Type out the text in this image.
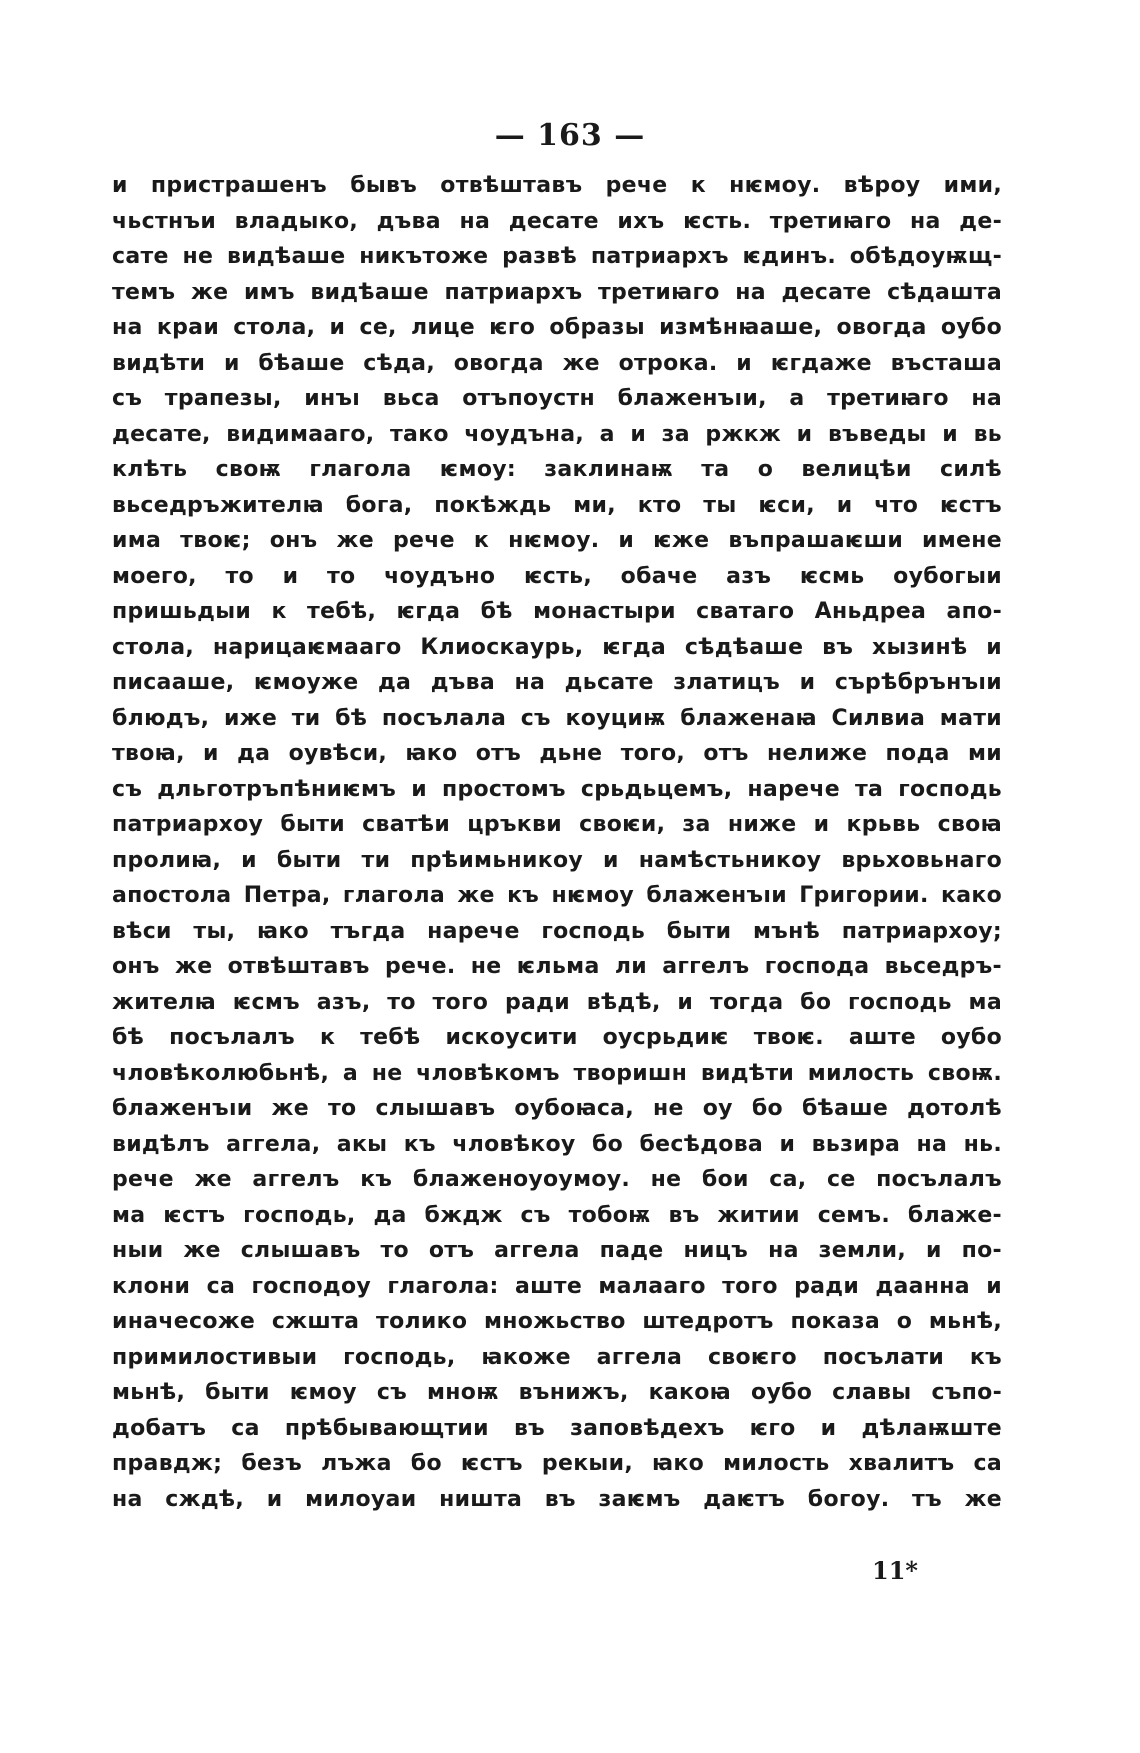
— 163 —
и пристрашенъ бывъ отвѣштавъ рече к нѥмоу. вѣроу ими,
чьстнъи владыко, дъва на десате ихъ ѥсть. третиꙗго на де-
сате не видѣаше никътоже развѣ патриархъ ѥдинъ. обѣдоуѭщ-
темъ же имъ видѣаше патриархъ третиꙗго на десате сѣдашта
на краи стола, и се, лице ѥго образы измѣнꙗаше, овогда оубо
видѣти и бѣаше сѣда, овогда же отрока. и ѥгдаже въсташа
съ трапезы, инъı вьса отъпоустн блаженъıи, а третиꙗго на
десате, видимааго, тако чоудъна, а и за ржкж и въведы и вь
клѣть своѭ глагола ѥмоу: заклинаѭ та о велицѣи силѣ
вьседръжителꙗ бога, покѣждь ми, кто ты ѥси, и что ѥстъ
има твоѥ; онъ же рече к нѥмоу. и ѥже въпрашаѥши имене
моего, то и то чоудъно ѥсть, обаче азъ ѥсмь оубогыи
пришьдыи к тебѣ, ѥгда бѣ монастыри сватаго Аньдреа апо-
стола, нарицаѥмааго Клиоскаурь, ѥгда сѣдѣаше въ хызинѣ и
писааше, ѥмоуже да дъва на дьсате златицъ и сърѣбрънъıи
блюдъ, иже ти бѣ посълала съ коуциѭ блаженаꙗ Силвиа мати
твоꙗ, и да оувѣси, ꙗко отъ дьне того, отъ нелиже пода ми
съ дльготръпѣниѥмъ и простомъ срьдьцемъ, нарече та господь
патриархоу быти сватѣи цръкви своѥи, за ниже и крьвь своꙗ
пролиꙗ, и быти ти прѣимьникоу и намѣстьникоу врьховьнаго
апостола Петра, глагола же къ нѥмоу блаженъıи Григории. како
вѣси ты, ꙗко тъгда нарече господь быти мънѣ патриархоу;
онъ же отвѣштавъ рече. не ѥльма ли аггелъ господа вьседръ-
жителꙗ ѥсмъ азъ, то того ради вѣдѣ, и тогда бо господь ма
бѣ посълалъ к тебѣ искоусити оусрьдиѥ твоѥ. аште оубо
чловѣколюбьнѣ, а не чловѣкомъ творишн видѣти милость своѭ.
блаженъıи же то слышавъ оубоꙗса, не оу бо бѣаше дотолѣ
видѣлъ аггела, акы къ чловѣкоу бо бесѣдова и вьзира на нь.
рече же аггелъ къ блаженоуоумоу. не бои са, се посълалъ
ма ѥстъ господь, да бждж съ тобоѭ въ житии семъ. блаже-
ныи же слышавъ то отъ аггела паде ницъ на земли, и по-
клони са господоу глагола: аште малааго того ради даанна и
иначесоже сжшта толико множьство штедротъ показа о мьнѣ,
примилостивыи господь, ꙗкоже аггела своѥго посълати къ
мьнѣ, быти ѥмоу съ мноѭ вънижъ, какоꙗ оубо славы съпо-
добатъ са прѣбывающтии въ заповѣдехъ ѥго и дѣлаѭште
правдж; безъ лъжа бо ѥстъ рекыи, ꙗко милость хвалитъ са
на сждѣ, и милоуаи ништа въ заѥмъ даѥтъ богоу. тъ же
11*
